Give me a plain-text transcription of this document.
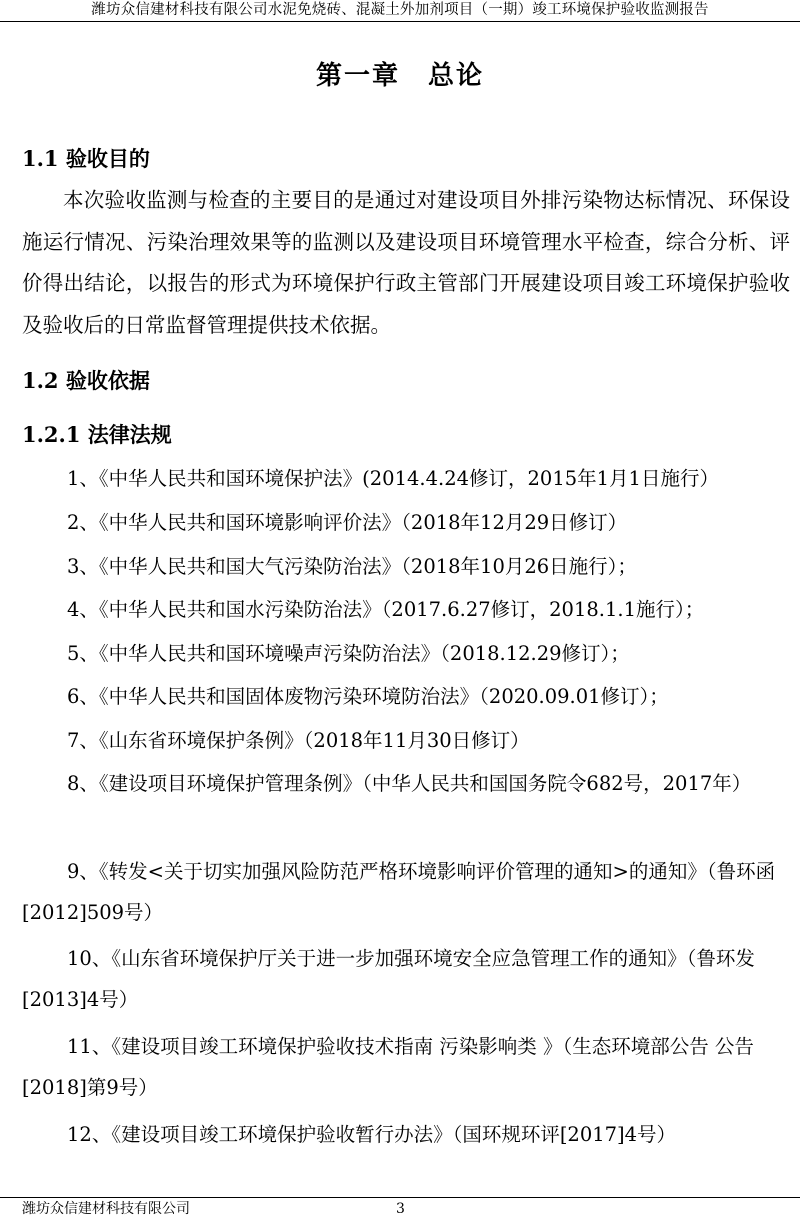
潍坊众信建材科技有限公司水泥免烧砖、混凝土外加剂项目（一期）竣工环境保护验收监测报告
第一章　总论
1.1 验收目的
本次验收监测与检查的主要目的是通过对建设项目外排污染物达标情况、环保设施运行情况、污染治理效果等的监测以及建设项目环境管理水平检查，综合分析、评价得出结论，以报告的形式为环境保护行政主管部门开展建设项目竣工环境保护验收及验收后的日常监督管理提供技术依据。
1.2 验收依据
1.2.1 法律法规
1、《中华人民共和国环境保护法》(2014.4.24修订，2015年1月1日施行）
2、《中华人民共和国环境影响评价法》（2018年12月29日修订）
3、《中华人民共和国大气污染防治法》（2018年10月26日施行）；
4、《中华人民共和国水污染防治法》（2017.6.27修订，2018.1.1施行）；
5、《中华人民共和国环境噪声污染防治法》（2018.12.29修订）；
6、《中华人民共和国固体废物污染环境防治法》（2020.09.01修订）；
7、《山东省环境保护条例》（2018年11月30日修订）
8、《建设项目环境保护管理条例》（中华人民共和国国务院令682号，2017年）
9、《转发<关于切实加强风险防范严格环境影响评价管理的通知>的通知》（鲁环函[2012]509号）
10、《山东省环境保护厅关于进一步加强环境安全应急管理工作的通知》（鲁环发[2013]4号）
11、《建设项目竣工环境保护验收技术指南 污染影响类 》（生态环境部公告 公告[2018]第9号）
12、《建设项目竣工环境保护验收暂行办法》（国环规环评[2017]4号）
潍坊众信建材科技有限公司	3
